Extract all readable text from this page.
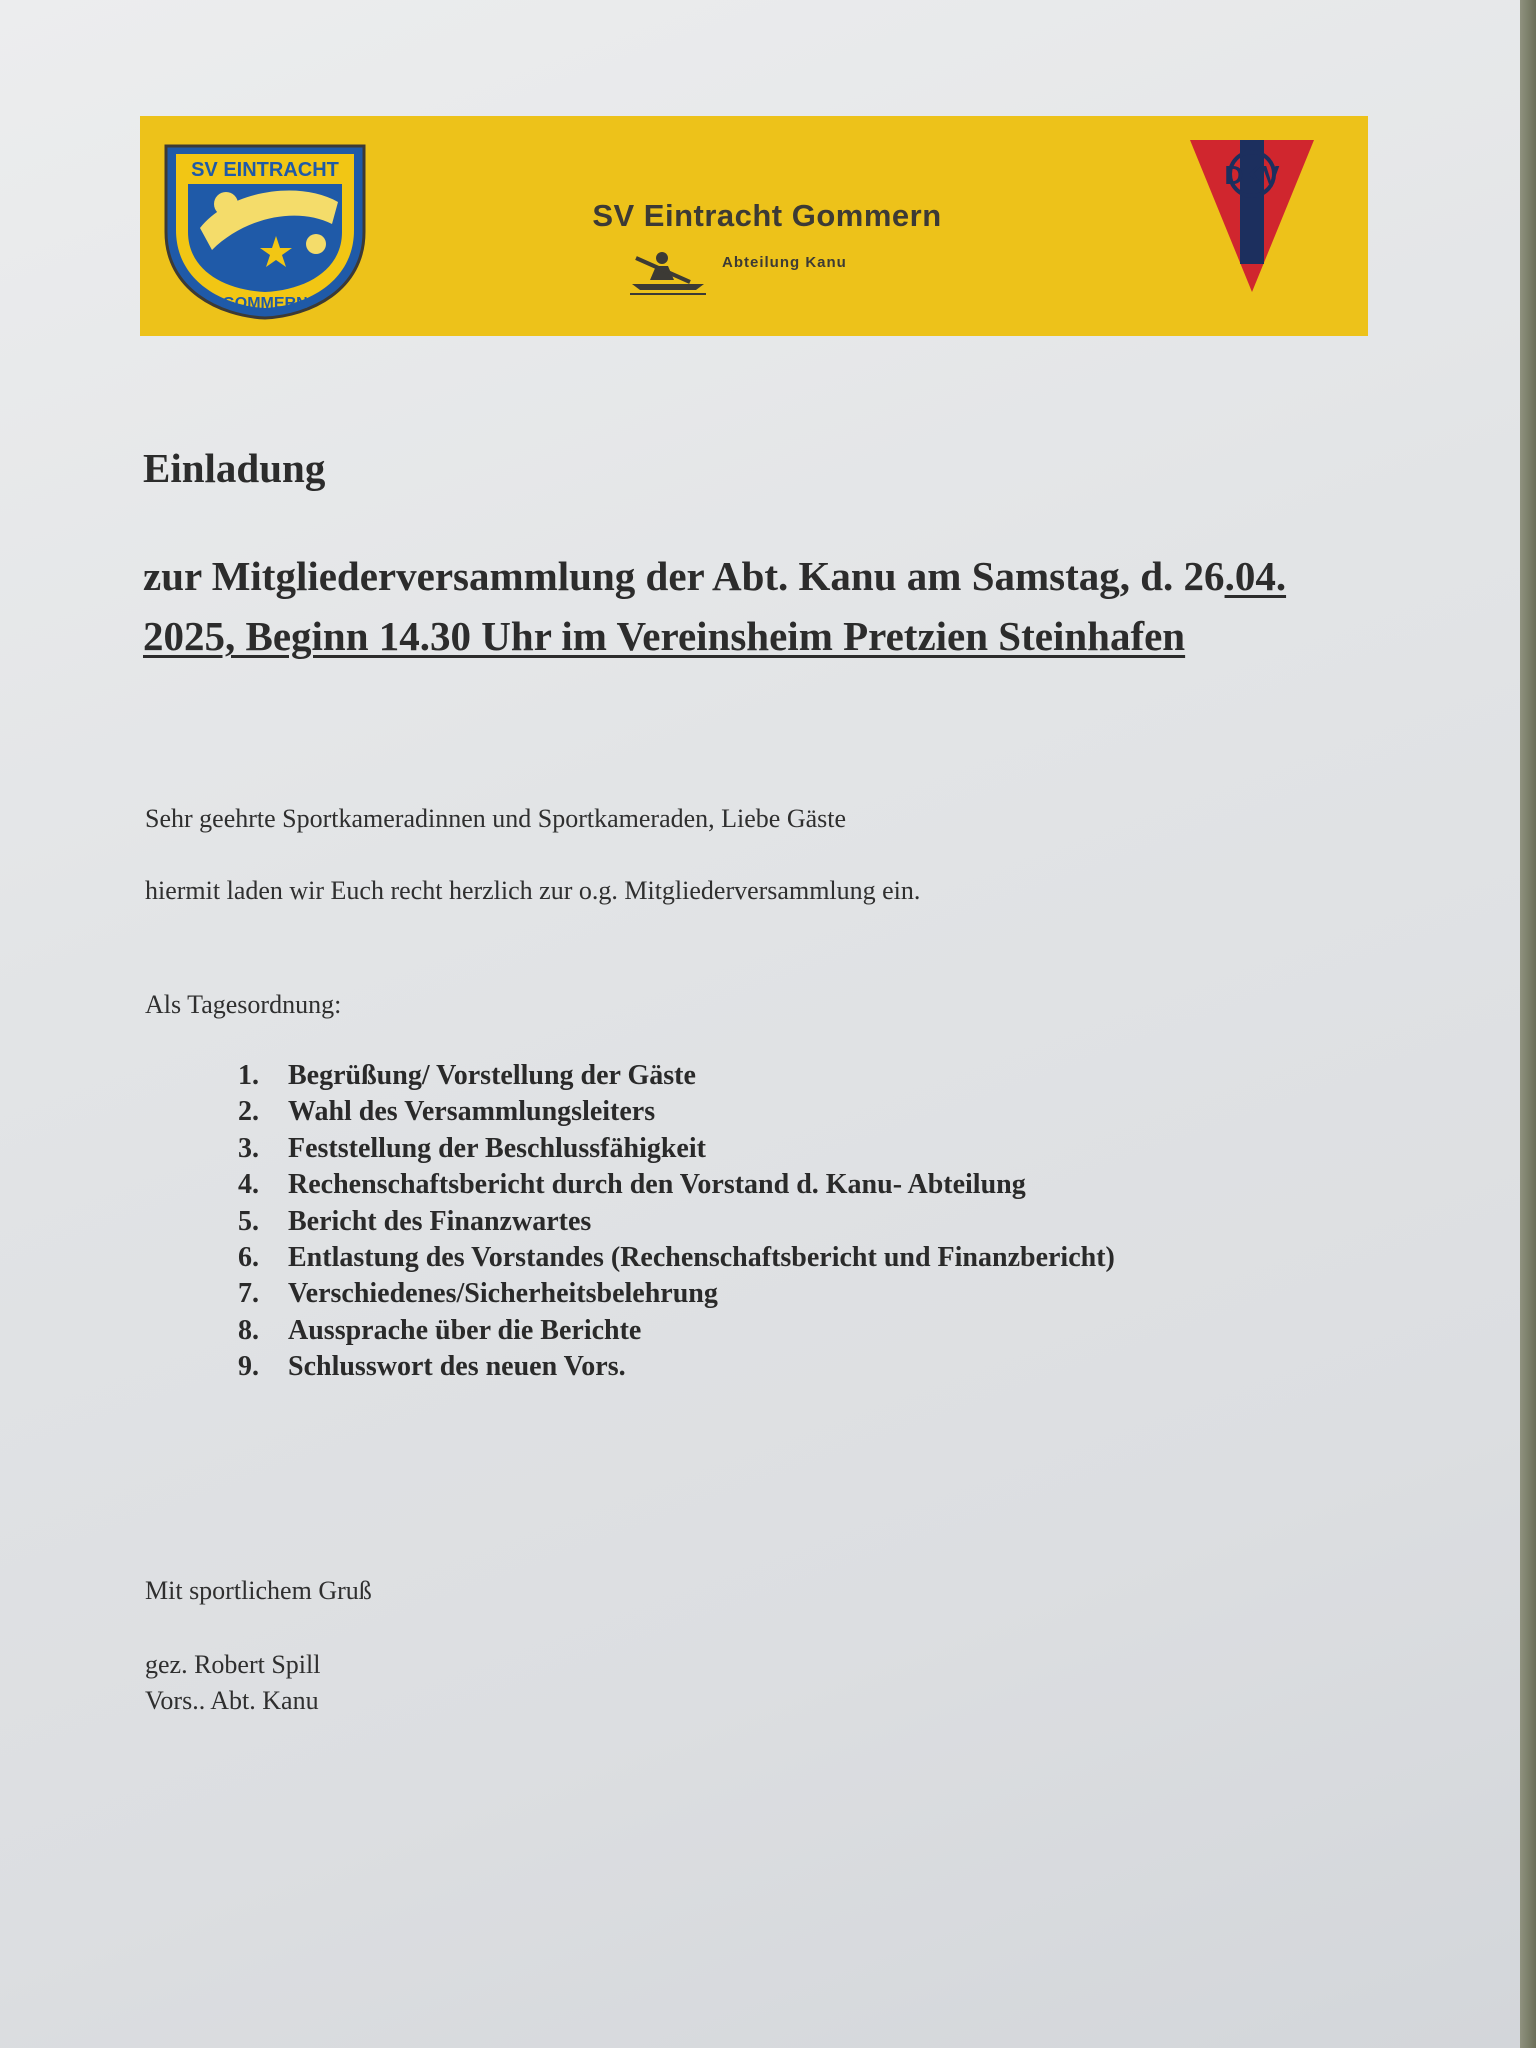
SV EINTRACHT
GOMMERN
SV Eintracht Gommern
Abteilung Kanu
DKV
Einladung

zur Mitgliederversammlung der Abt. Kanu am Samstag, d. 26.04. 2025, Beginn 14.30 Uhr im Vereinsheim Pretzien Steinhafen

Sehr geehrte Sportkameradinnen und Sportkameraden, Liebe Gäste

hiermit laden wir Euch recht herzlich zur o.g. Mitgliederversammlung ein.

Als Tagesordnung:

1. Begrüßung/ Vorstellung der Gäste
2. Wahl des Versammlungsleiters
3. Feststellung der Beschlussfähigkeit
4. Rechenschaftsbericht durch den Vorstand d. Kanu- Abteilung
5. Bericht des Finanzwartes
6. Entlastung des Vorstandes (Rechenschaftsbericht und Finanzbericht)
7. Verschiedenes/Sicherheitsbelehrung
8. Aussprache über die Berichte
9. Schlusswort des neuen Vors.

Mit sportlichem Gruß

gez. Robert Spill

Vors.. Abt. Kanu
